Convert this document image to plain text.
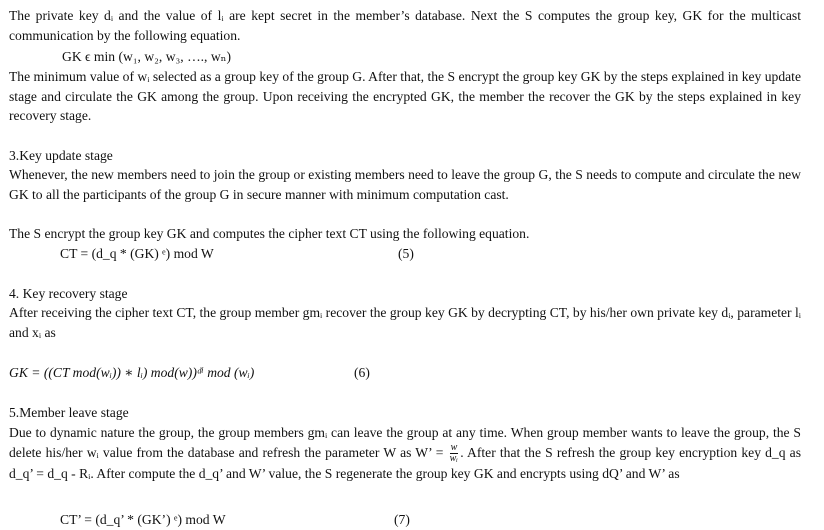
The private key dᵢ and the value of lᵢ are kept secret in the member’s database. Next the S computes the group key, GK for the multicast communication by the following equation.
GK ϵ min (w₁, w₂, w₃, …., wₙ)
The minimum value of wᵢ selected as a group key of the group G. After that, the S encrypt the group key GK by the steps explained in key update stage and circulate the GK among the group. Upon receiving the encrypted GK, the member the recover the GK by the steps explained in key recovery stage.
3.Key update stage
Whenever, the new members need to join the group or existing members need to leave the group G, the S needs to compute and circulate the new GK to all the participants of the group G in secure manner with minimum computation cast.
The S encrypt the group key GK and computes the cipher text CT using the following equation.
CT = (d_q * (GK) ᵉ) mod W	(5)
4. Key recovery stage
After receiving the cipher text CT, the group member gmᵢ recover the group key GK by decrypting CT, by his/her own private key dᵢ, parameter lᵢ and xᵢ as
GK = ((CT mod(wᵢ)) ∗ lᵢ) mod(w))ᵈⁱ mod (wᵢ)	(6)
5.Member leave stage
Due to dynamic nature the group, the group members gmᵢ can leave the group at any time. When group member wants to leave the group, the S delete his/her wᵢ value from the database and refresh the parameter W as W’ = $\frac{w}{\text{wᵢ}}$ . After that the S refresh the group key encryption key d_q as d_q’ = d_q - Rᵢ. After compute the d_q’ and W’ value, the S regenerate the group key GK and encrypts using dQ’ and W’ as
CT’ = (d_q’ * (GK’) ᵉ) mod W	(7)
